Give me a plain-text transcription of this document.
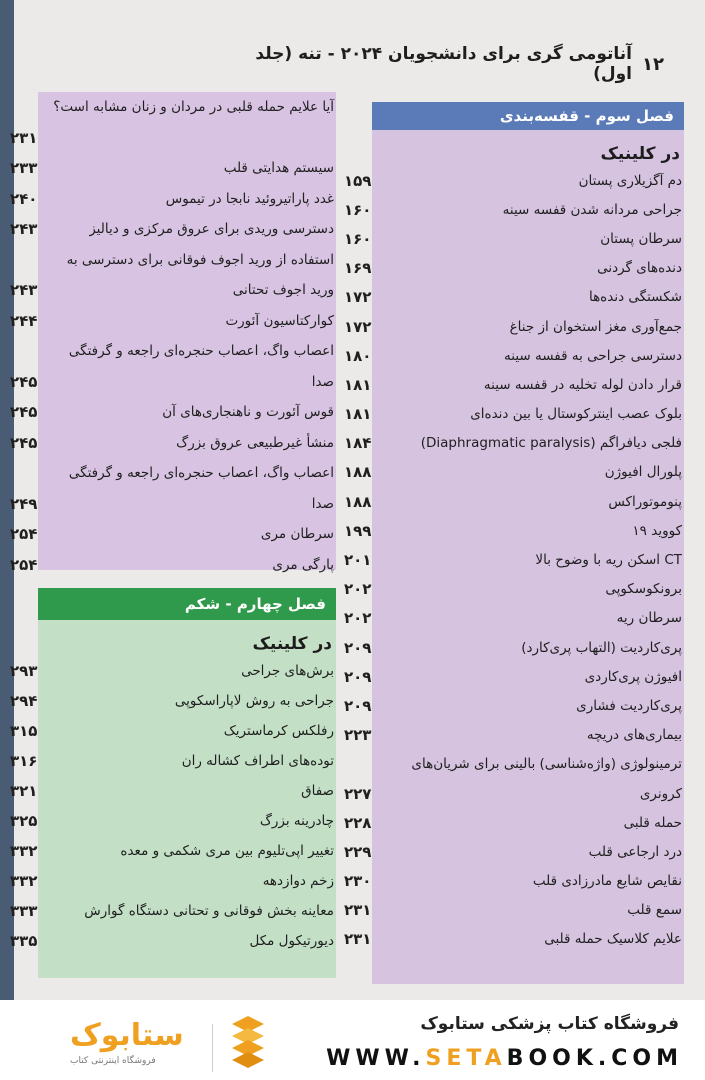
۱۲
آناتومی گری برای دانشجویان ۲۰۲۴ - تنه (جلد اول)
آیا علایم حمله قلبی در مردان و زنان مشابه است؟
۲۳۱
سیستم هدایتی قلب
۲۳۳
غدد پاراتیروئید نابجا در تیموس
۲۴۰
دسترسی وریدی برای عروق مرکزی و دیالیز
۲۴۳
استفاده از ورید اجوف فوقانی برای دسترسی به
ورید اجوف تحتانی
۲۴۳
کوارکتاسیون آئورت
۲۴۴
اعصاب واگ، اعصاب حنجره‌ای راجعه و گرفتگی
صدا
۲۴۵
قوس آئورت و ناهنجاری‌های آن
۲۴۵
منشأ غیرطبیعی عروق بزرگ
۲۴۵
اعصاب واگ، اعصاب حنجره‌ای راجعه و گرفتگی
صدا
۲۴۹
سرطان مری
۲۵۴
پارگی مری
۲۵۴
فصل سوم - قفسه‌بندی
در کلینیک
دم آگزیلاری پستان
۱۵۹
جراحی مردانه شدن قفسه سینه
۱۶۰
سرطان پستان
۱۶۰
دنده‌های گردنی
۱۶۹
شکستگی دنده‌ها
۱۷۲
جمع‌آوری مغز استخوان از جناغ
۱۷۲
دسترسی جراحی به قفسه سینه
۱۸۰
قرار دادن لوله تخلیه در قفسه سینه
۱۸۱
بلوک عصب اینترکوستال یا بین دنده‌ای
۱۸۱
فلجی دیافراگم (Diaphragmatic paralysis)
۱۸۴
پلورال افیوژن
۱۸۸
پنوموتوراکس
۱۸۸
کووید ۱۹
۱۹۹
CT اسکن ریه با وضوح بالا
۲۰۱
برونکوسکوپی
۲۰۲
سرطان ریه
۲۰۲
پری‌کاردیت (التهاب پری‌کارد)
۲۰۹
افیوژن پری‌کاردی
۲۰۹
پری‌کاردیت فشاری
۲۰۹
بیماری‌های دریچه
۲۲۳
ترمینولوژی (واژه‌شناسی) بالینی برای شریان‌های
کرونری
۲۲۷
حمله قلبی
۲۲۸
درد ارجاعی قلب
۲۲۹
نقایص شایع مادرزادی قلب
۲۳۰
سمع قلب
۲۳۱
علایم کلاسیک حمله قلبی
۲۳۱
فصل چهارم - شکم
در کلینیک
برش‌های جراحی
۲۹۳
جراحی به روش لاپاراسکوپی
۲۹۴
رفلکس کرماستریک
۳۱۵
توده‌های اطراف کشاله ران
۳۱۶
صفاق
۳۲۱
چادرینه بزرگ
۳۲۵
تغییر اپی‌تلیوم بین مری شکمی و معده
۳۳۲
زخم دوازدهه
۳۳۲
معاینه بخش فوقانی و تحتانی دستگاه گوارش
۳۳۳
دیورتیکول مکل
۳۳۵
فروشگاه کتاب پزشکی ستابوک
WWW.SETABOOK.COM
ستابوک
فروشگاه اینترنتی کتاب
